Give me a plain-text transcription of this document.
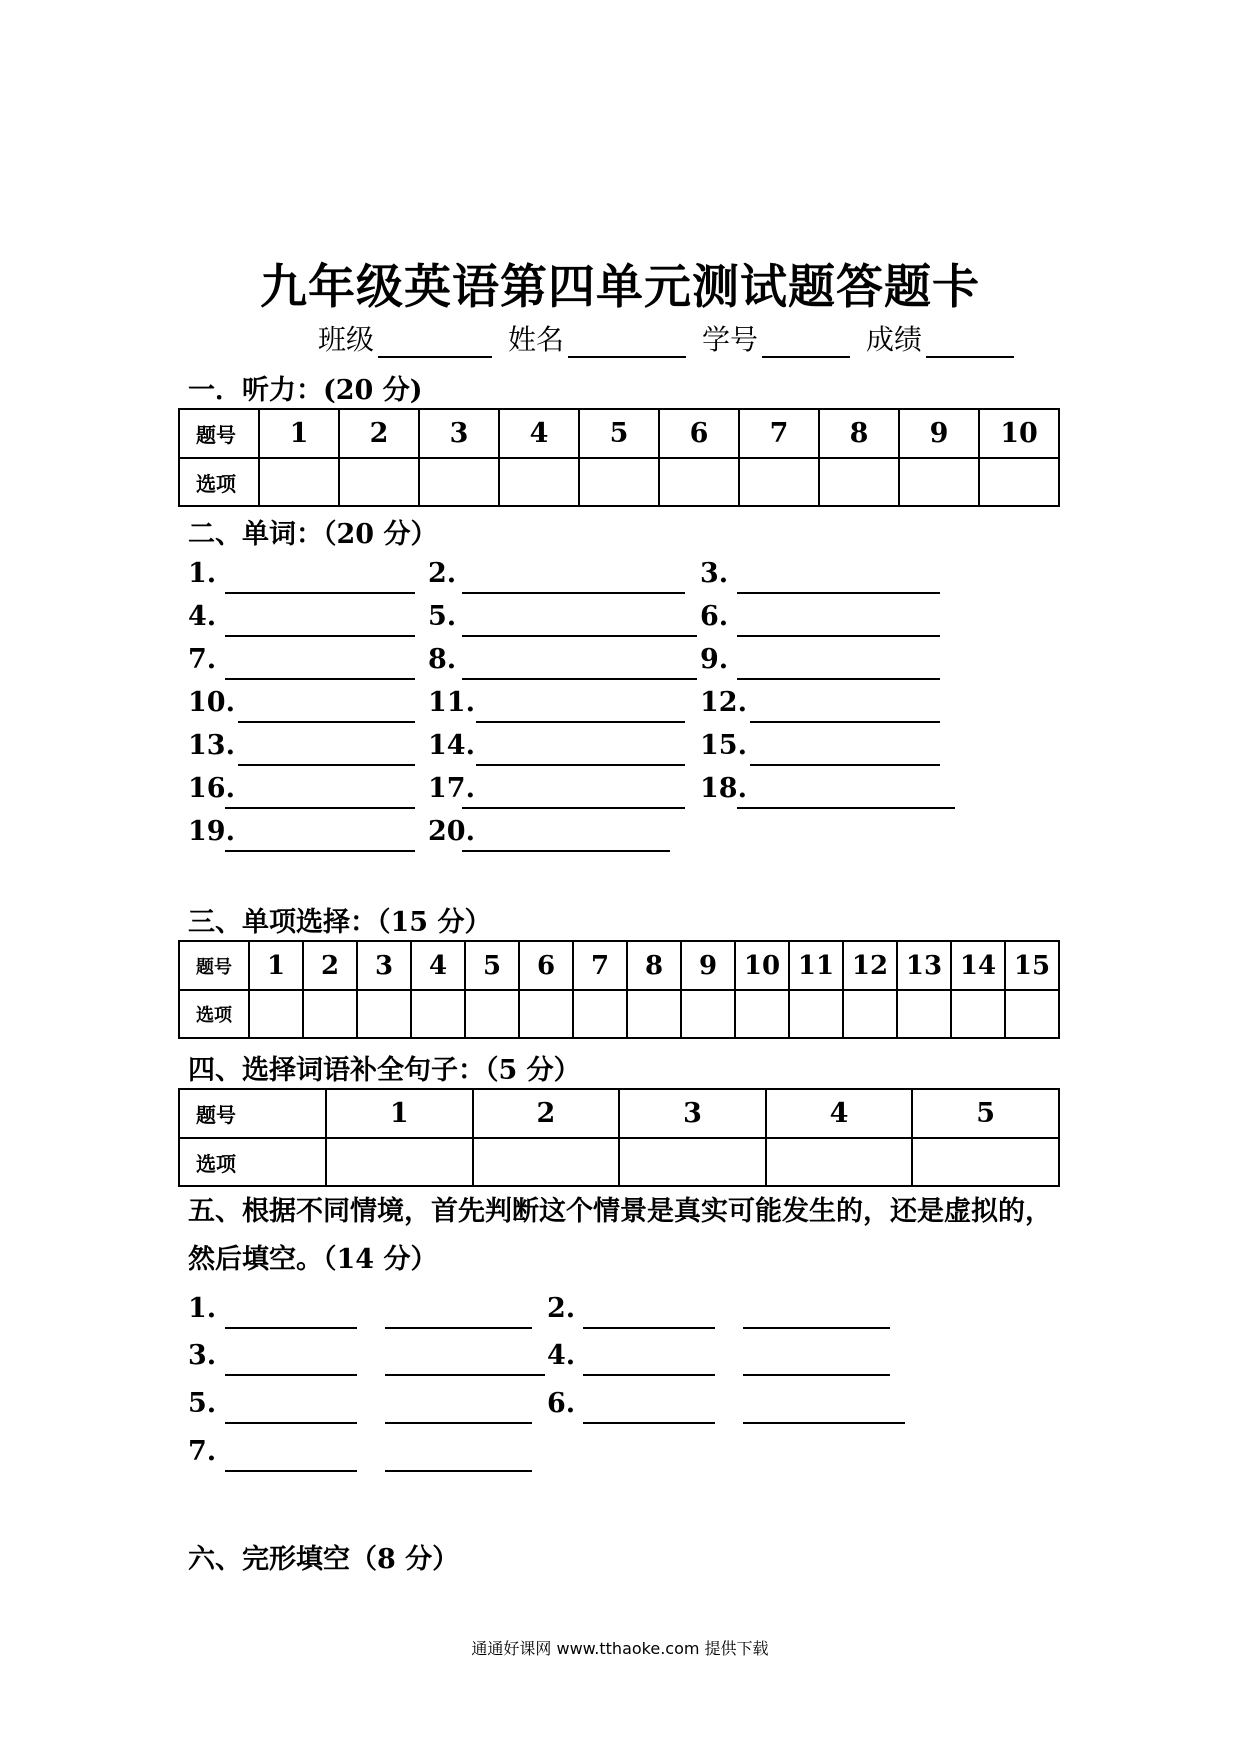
九年级英语第四单元测试题答题卡
班级	姓名	学号	成绩
一．听力：(20 分)
题号	1	2	3	4	5	6	7	8	9	10
选项										
二、单词：（20 分）
1.	2.	3.
4.	5.	6.
7.	8.	9.
10.	11.	12.
13.	14.	15.
16.	17.	18.
19.	20.
三、单项选择：（15 分）
题号	1	2	3	4	5	6	7	8	9	10	11	12	13	14	15
选项															
四、选择词语补全句子：（5 分）
题号	1	2	3	4	5
选项					
五、根据不同情境，首先判断这个情景是真实可能发生的，还是虚拟的，然后填空。（14 分）
1.	2.
3.	4.
5.	6.
7.
六、完形填空（8 分）
通通好课网 www.tthaoke.com 提供下载
